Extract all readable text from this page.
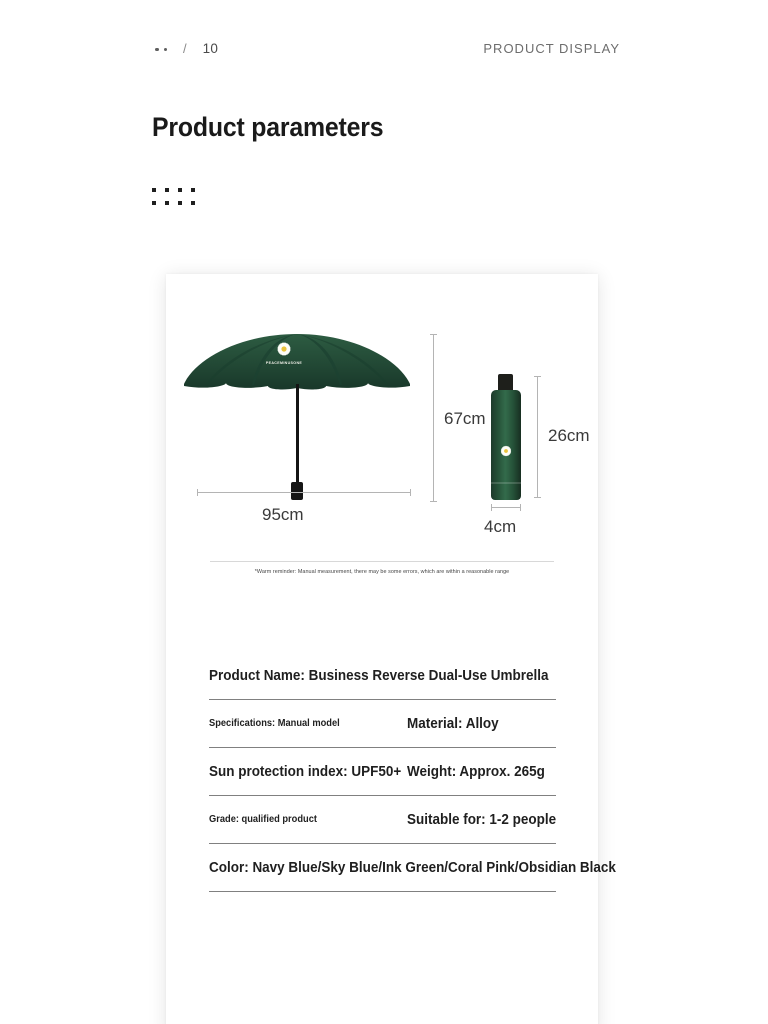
/ 10	PRODUCT DISPLAY
Product parameters
PEACEMINUSONE
67cm
26cm
95cm
4cm
*Warm reminder: Manual measurement, there may be some errors, which are within a reasonable range
Product Name: Business Reverse Dual-Use Umbrella
Specifications: Manual model	Material: Alloy
Sun protection index: UPF50+ Weight: Approx. 265g
Grade: qualified product	Suitable for: 1-2 people
Color: Navy Blue/Sky Blue/Ink Green/Coral Pink/Obsidian Black
